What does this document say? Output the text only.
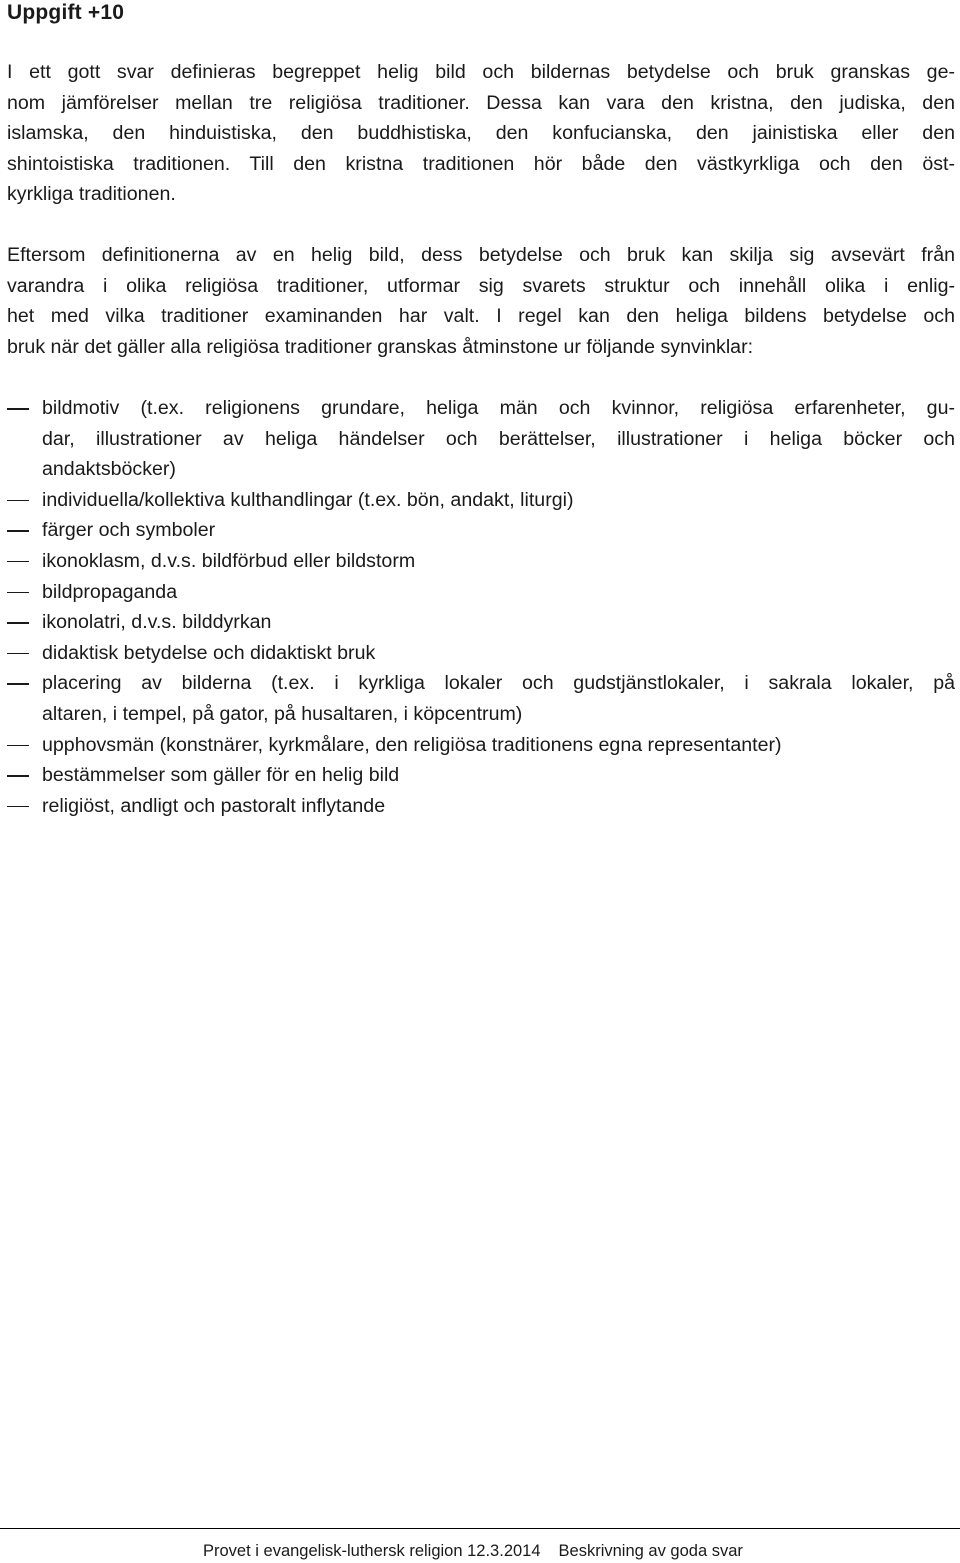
Uppgift +10

I ett gott svar definieras begreppet helig bild och bildernas betydelse och bruk granskas ge-
nom jämförelser mellan tre religiösa traditioner. Dessa kan vara den kristna, den judiska, den
islamska, den hinduistiska, den buddhistiska, den konfucianska, den jainistiska eller den
shintoistiska traditionen. Till den kristna traditionen hör både den västkyrkliga och den öst-
kyrkliga traditionen.

Eftersom definitionerna av en helig bild, dess betydelse och bruk kan skilja sig avsevärt från
varandra i olika religiösa traditioner, utformar sig svarets struktur och innehåll olika i enlig-
het med vilka traditioner examinanden har valt. I regel kan den heliga bildens betydelse och
bruk när det gäller alla religiösa traditioner granskas åtminstone ur följande synvinklar:

bildmotiv (t.ex. religionens grundare, heliga män och kvinnor, religiösa erfarenheter, gu-
dar, illustrationer av heliga händelser och berättelser, illustrationer i heliga böcker och
andaktsböcker)
individuella/kollektiva kulthandlingar (t.ex. bön, andakt, liturgi)
färger och symboler
ikonoklasm, d.v.s. bildförbud eller bildstorm
bildpropaganda
ikonolatri, d.v.s. bilddyrkan
didaktisk betydelse och didaktiskt bruk
placering av bilderna (t.ex. i kyrkliga lokaler och gudstjänstlokaler, i sakrala lokaler, på
altaren, i tempel, på gator, på husaltaren, i köpcentrum)
upphovsmän (konstnärer, kyrkmålare, den religiösa traditionens egna representanter)
bestämmelser som gäller för en helig bild
religiöst, andligt och pastoralt inflytande
Provet i evangelisk-luthersk religion 12.3.2014 Beskrivning av goda svar
